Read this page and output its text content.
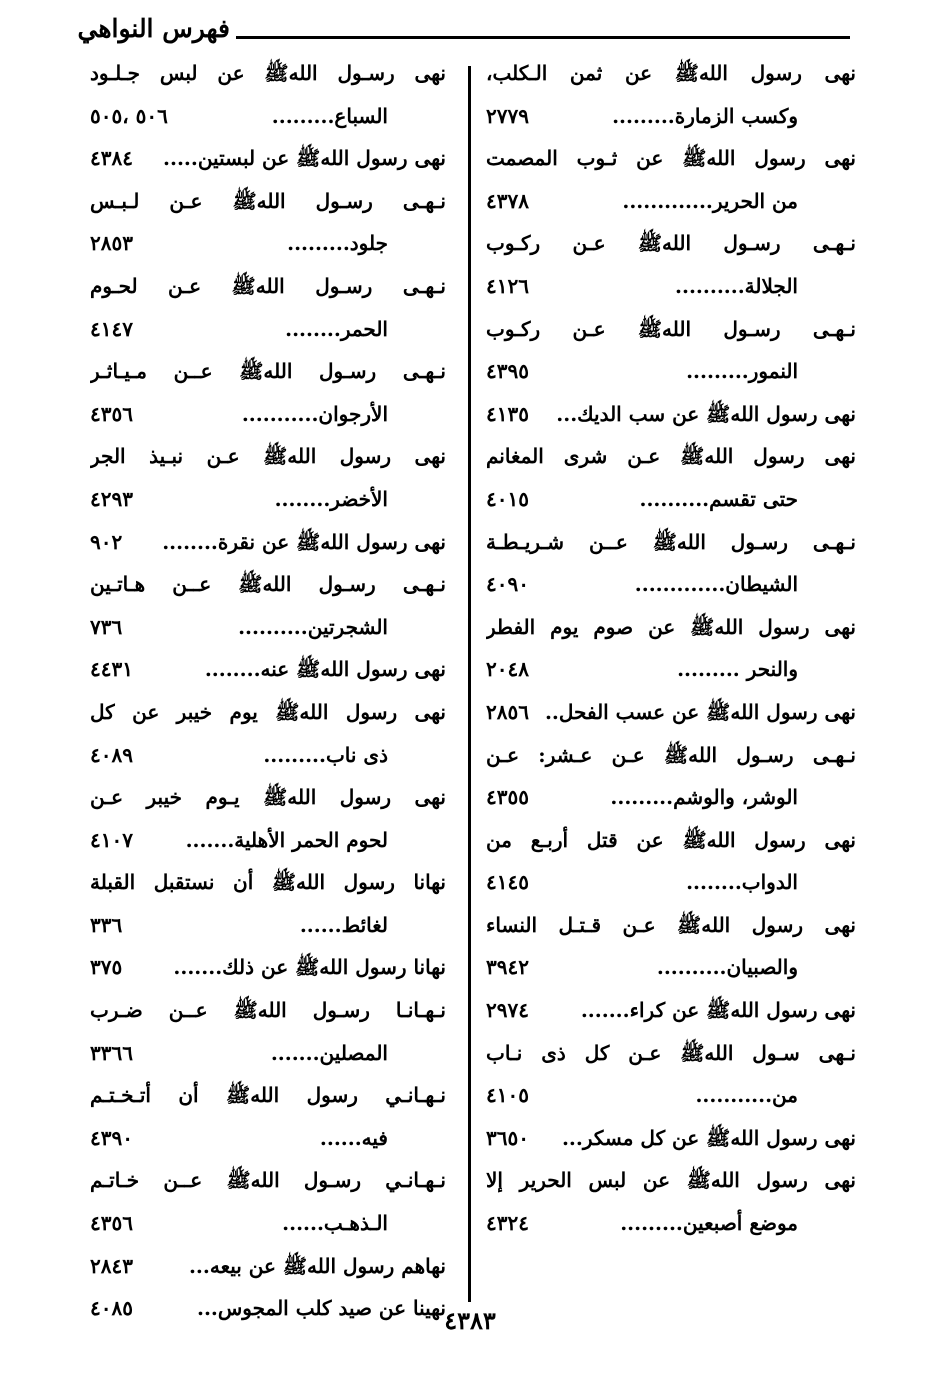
فهرس النواهي
نهى رسول اللهﷺ عن ثمن الـكلب،
وكسب الزمارة.........
٢٧٧٩
نهى رسول اللهﷺ عن ثـوب المصمت
من الحرير.............
٤٣٧٨
نـهـى رسـول اللهﷺ عـن ركـوب
الجلالة..........
٤١٢٦
نـهـى رسـول اللهﷺ عـن ركـوب
النمور.........
٤٣٩٥
نهى رسول اللهﷺ عن سب الديك...
٤١٣٥
نهى رسول اللهﷺ عـن شرى المغانم
حتى تقسم..........
٤٠١٥
نـهـى رسـول اللهﷺ عــن شـريـطـة
الشيطان.............
٤٠٩٠
نهى رسول اللهﷺ عن صوم يوم الفطر
والنحر .........
٢٠٤٨
نهى رسول اللهﷺ عن عسب الفحل..
٢٨٥٦
نـهـى رسـول اللهﷺ عـن عـشر: عـن
الوشر، والوشم.........
٤٣٥٥
نهى رسول اللهﷺ عن قتل أربـع من
الدواب........
٤١٤٥
نهى رسول اللهﷺ عـن قـتـل النساء
والصبيان..........
٣٩٤٢
نهى رسول اللهﷺ عن كراء.......
٢٩٧٤
نـهى سـول اللهﷺ عـن كل ذى نـاب
من...........
٤١٠٥
نهى رسول اللهﷺ عن كل مسكر...
٣٦٥٠
نهى رسول اللهﷺ عن لبس الحرير إلا
موضع أصبعين.........
٤٣٢٤
نهى رسـول اللهﷺ عن لبس جـلـود
السباع.........
٥٠٦ ،٥٠٥
نهى رسول اللهﷺ عن لبستين.....
٤٣٨٤
نـهـى رسـول اللهﷺ عـن لـبـس
جلود.........
٢٨٥٣
نـهـى رسـول اللهﷺ عـن لحـوم
الحمر........
٤١٤٧
نـهـى رسـول اللهﷺ عــن مـيـاثـر
الأرجوان...........
٤٣٥٦
نهى رسول اللهﷺ عـن نبـيذ الجر
الأخضر........
٤٢٩٣
نهى رسول اللهﷺ عن نقرة........
٩٠٢
نـهـى رسـول اللهﷺ عــن هـاتـين
الشجرتين..........
٧٣٦
نهى رسول اللهﷺ عنه........
٤٤٣١
نهى رسول اللهﷺ يوم خيبر عن كل
ذى ناب.........
٤٠٨٩
نهى رسول اللهﷺ يـوم خيبر عـن
لحوم الحمر الأهلية.......
٤١٠٧
نهانا رسول اللهﷺ أن نستقبل القبلة
لغائط......
٣٣٦
نهانا رسول اللهﷺ عن ذلك.......
٣٧٥
نـهـانـا رسـول اللهﷺ عــن ضـرب
المصلين.......
٣٣٦٦
نـهـانـي رسول اللهﷺ أن أتـخـتـم
فيه......
٤٣٩٠
نـهـانـي رسـول اللهﷺ عــن خـاتـم
الـذهـب......
٤٣٥٦
نهاهم رسول اللهﷺ عن بيعه...
٢٨٤٣
نهينا عن صيد كلب المجوس...
٤٠٨٥	٤٣٨٣
